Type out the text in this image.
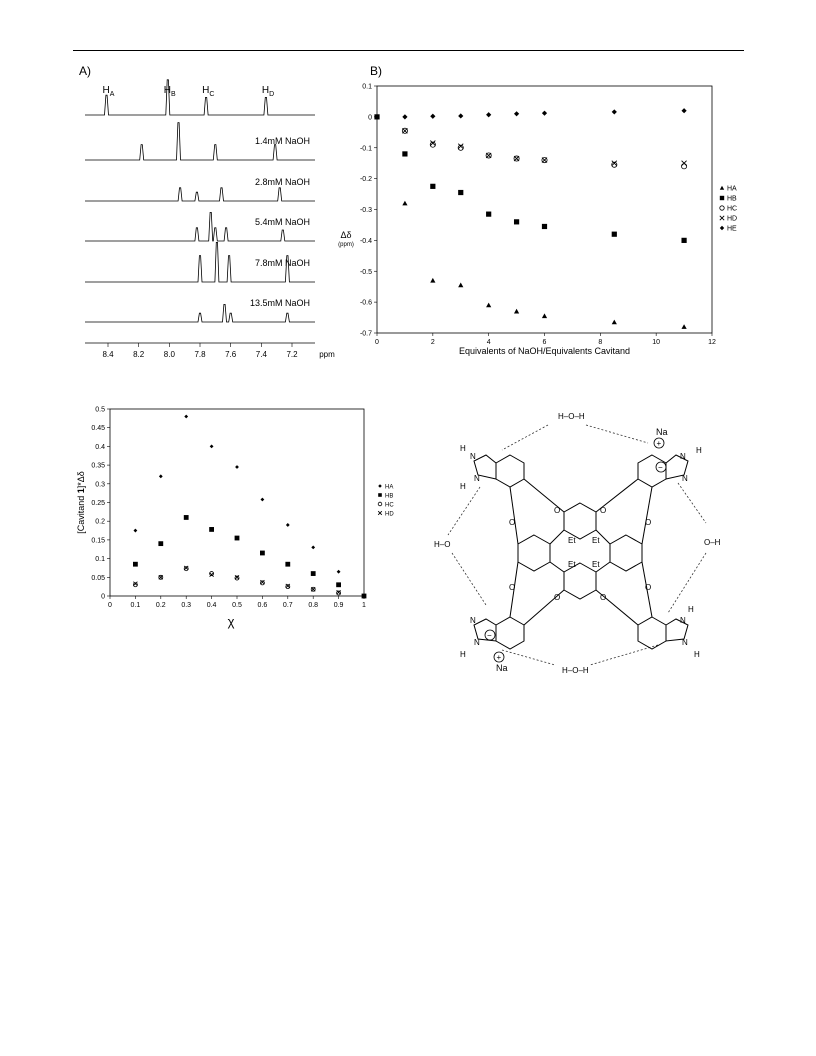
A)	B)
1.4mM NaOH
2.8mM NaOH
5.4mM NaOH
7.8mM NaOH
13.5mM NaOH
$H_A$	$H_B$	$H_C$	$H_D$
8.4 8.2 8.0 7.8 7.6 7.4 7.2	ppm
0.1
0
-0.1
-0.2
-0.3
-0.4
-0.5
-0.6
-0.7
0	2	4	6	8	10	12
Equivalents of NaOH/Equivalents Cavitand
Δδ
(ppm)
HA
HB
HC
HD
HE
0
0.05
0.1
0.15
0.2
0.25
0.3
0.35
0.4
0.45
0.5
0	0.1 0.2 0.3 0.4 0.5 0.6 0.7 0.8 0.9	1
χ
[Cavitand 1]*Δδ	HA
HB
HC
HD	O	O
O	O
O	O
O	O
Et Et
Et Et
N
N
N
N
N
N
N
N
H
H
H
H
H
H
Na
Na
H–O–H
H–O	O–H
H–O–H
+
−
+
−
